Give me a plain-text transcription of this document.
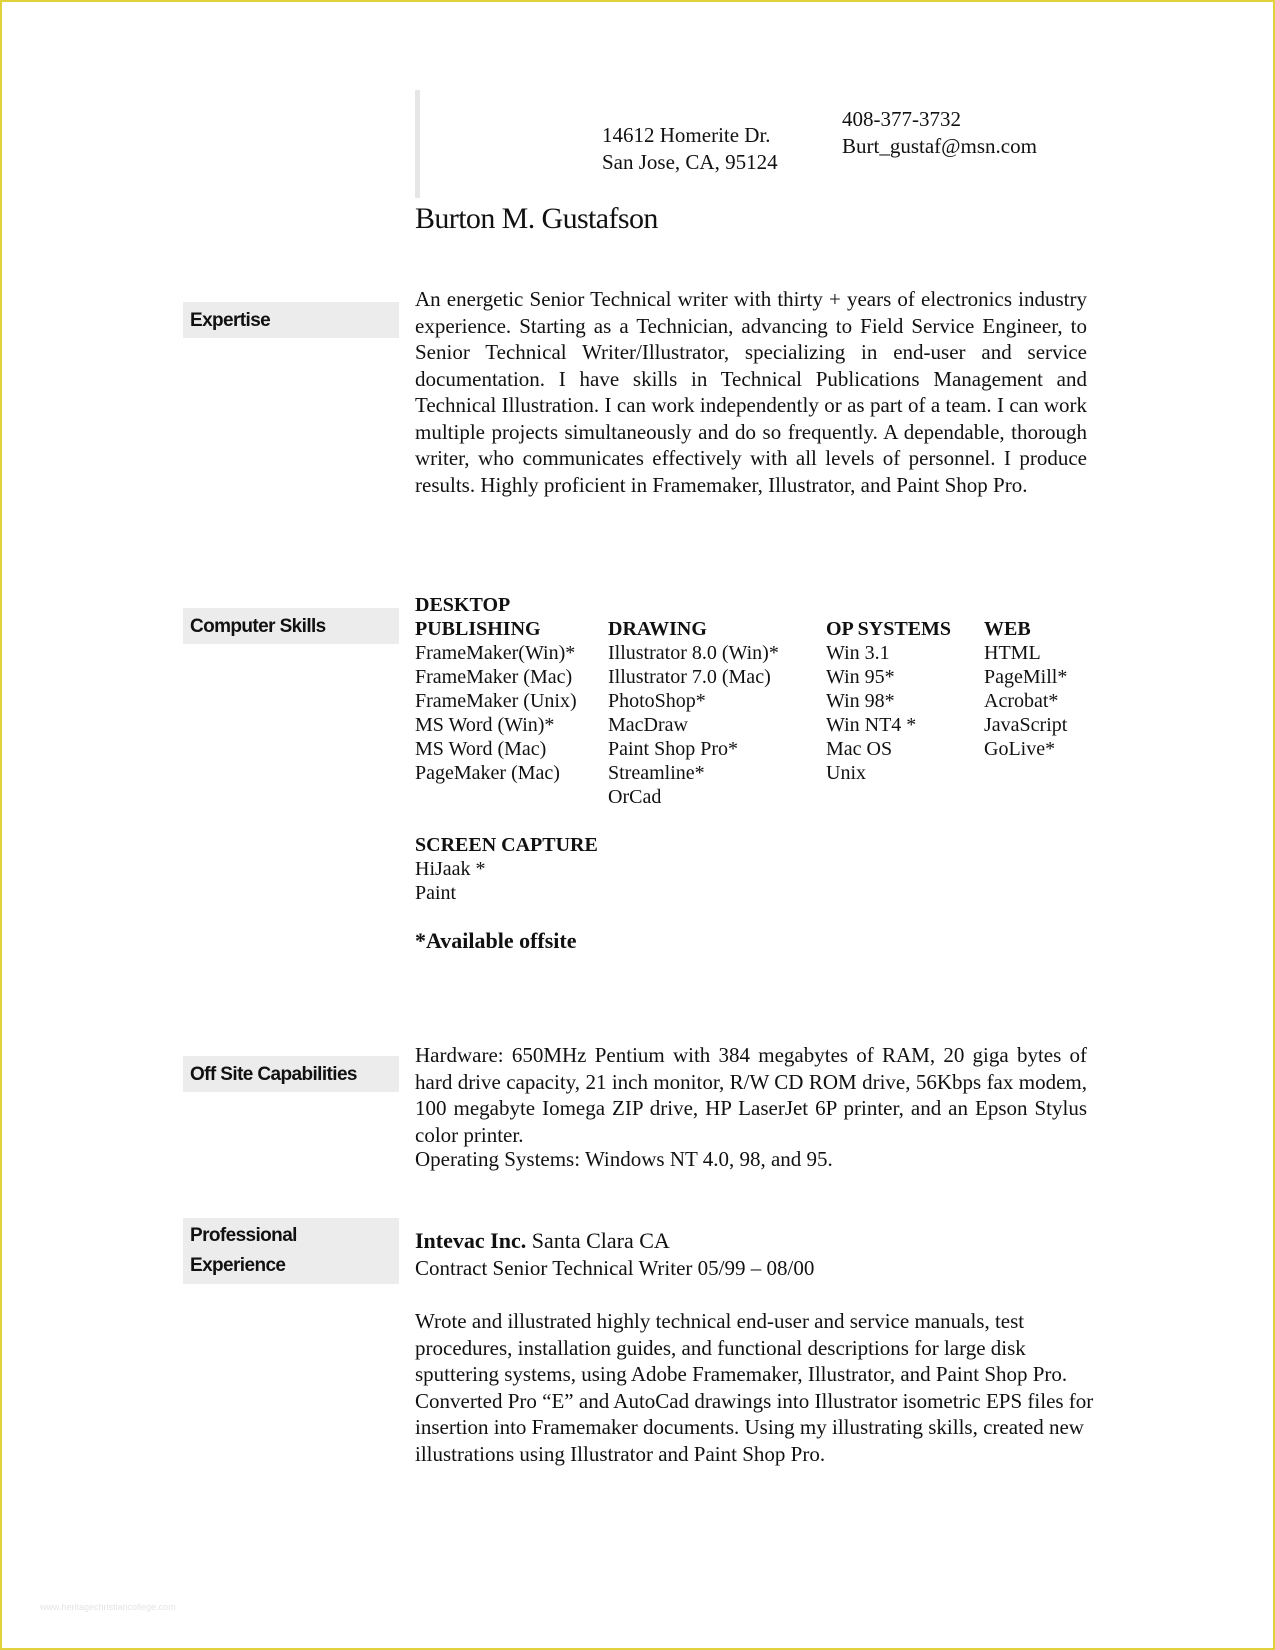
14612 Homerite Dr.
San Jose, CA, 95124
408-377-3732
Burt_gustaf@msn.com
Burton M. Gustafson
Expertise
Computer Skills
Off Site Capabilities
Professional
Experience
An energetic Senior Technical writer with thirty + years of electronics industry experience. Starting as a Technician, advancing to Field Service Engineer, to Senior Technical Writer/Illustrator, specializing in end-user and service documentation. I have skills in Technical Publications Management and Technical Illustration. I can work independently or as part of a team. I can work multiple projects simultaneously and do so frequently. A dependable, thorough writer, who communicates effectively with all levels of personnel. I produce results. Highly proficient in Framemaker, Illustrator, and Paint Shop Pro.
DESKTOP
PUBLISHING
FrameMaker(Win)*
FrameMaker (Mac)
FrameMaker (Unix)
MS Word (Win)*
MS Word (Mac)
PageMaker (Mac)
DRAWING
Illustrator 8.0 (Win)*
Illustrator 7.0 (Mac)
PhotoShop*
MacDraw
Paint Shop Pro*
Streamline*
OrCad
OP SYSTEMS
Win 3.1
Win 95*
Win 98*
Win NT4 *
Mac OS
Unix
WEB
HTML
PageMill*
Acrobat*
JavaScript
GoLive*
SCREEN CAPTURE
HiJaak *
Paint
*Available offsite
Hardware: 650MHz Pentium with 384 megabytes of RAM, 20 giga bytes of hard drive capacity, 21 inch monitor, R/W CD ROM drive, 56Kbps fax modem, 100 megabyte Iomega ZIP drive, HP LaserJet 6P printer, and an Epson Stylus color printer.
Operating Systems: Windows NT 4.0, 98, and 95.
Intevac Inc. Santa Clara CA
Contract Senior Technical Writer 05/99 – 08/00
Wrote and illustrated highly technical end-user and service manuals, test procedures, installation guides, and functional descriptions for large disk sputtering systems, using Adobe Framemaker, Illustrator, and Paint Shop Pro. Converted Pro “E” and AutoCad drawings into Illustrator isometric EPS files for insertion into Framemaker documents. Using my illustrating skills, created new illustrations using Illustrator and Paint Shop Pro.
www.heritagechristiancollege.com
